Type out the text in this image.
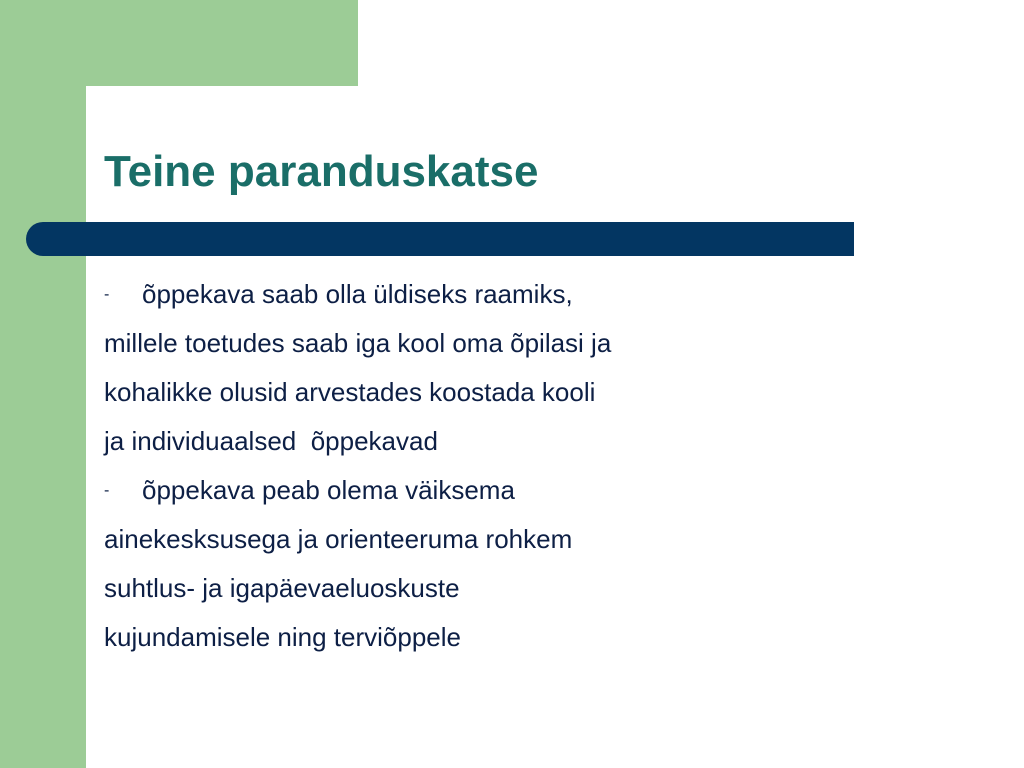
Teine paranduskatse
- õppekava saab olla üldiseks raamiks,
millele toetudes saab iga kool oma õpilasi ja
kohalikke olusid arvestades koostada kooli
ja individuaalsed  õppekavad
- õppekava peab olema väiksema
ainekesksusega ja orienteeruma rohkem
suhtlus- ja igapäevaeluoskuste
kujundamisele ning terviõppele
